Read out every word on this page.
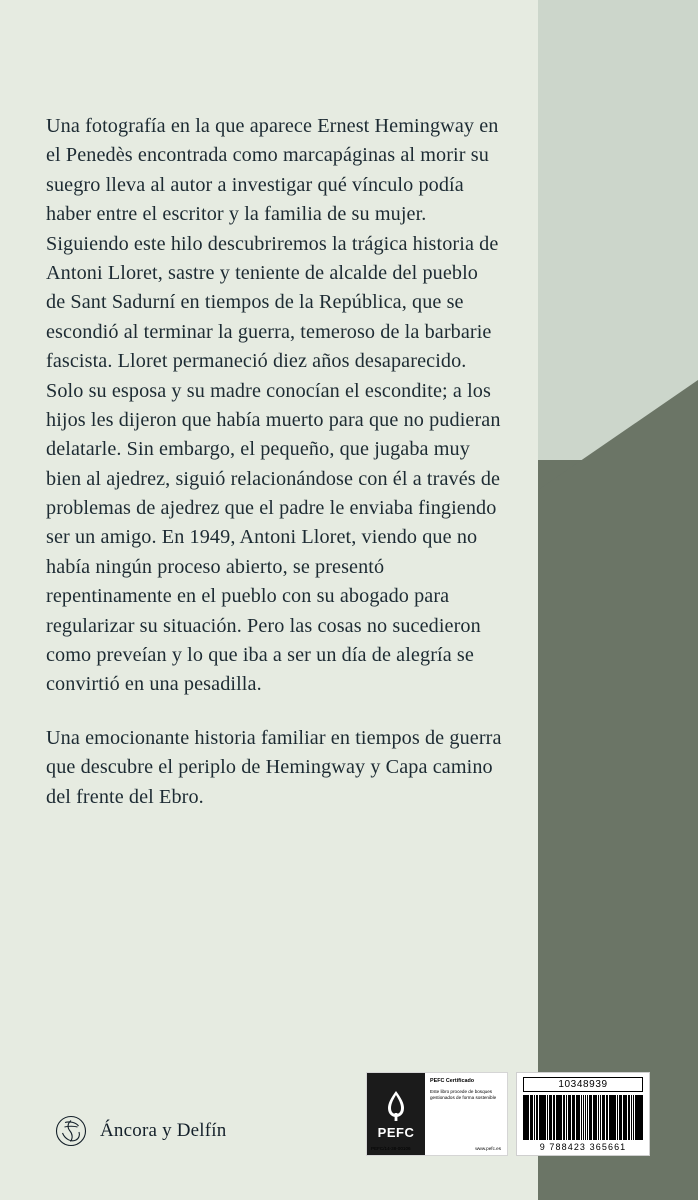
Una fotografía en la que aparece Ernest Hemingway en el Penedès encontrada como marcapáginas al morir su suegro lleva al autor a investigar qué vínculo podía haber entre el escritor y la familia de su mujer. Siguiendo este hilo descubriremos la trágica historia de Antoni Lloret, sastre y teniente de alcalde del pueblo de Sant Sadurní en tiempos de la República, que se escondió al terminar la guerra, temeroso de la barbarie fascista. Lloret permaneció diez años desaparecido. Solo su esposa y su madre conocían el escondite; a los hijos les dijeron que había muerto para que no pudieran delatarle. Sin embargo, el pequeño, que jugaba muy bien al ajedrez, siguió relacionándose con él a través de problemas de ajedrez que el padre le enviaba fingiendo ser un amigo. En 1949, Antoni Lloret, viendo que no había ningún proceso abierto, se presentó repentinamente en el pueblo con su abogado para regularizar su situación. Pero las cosas no sucedieron como preveían y lo que iba a ser un día de alegría se convirtió en una pesadilla.

Una emocionante historia familiar en tiempos de guerra que descubre el periplo de Hemingway y Capa camino del frente del Ebro.

Áncora y Delfín	PEFC
PEFC Certificado
Este libro procede de bosques gestionados de forma sostenible
PEFC/14-38-00106	www.pefc.es
10348939
9 788423 365661
